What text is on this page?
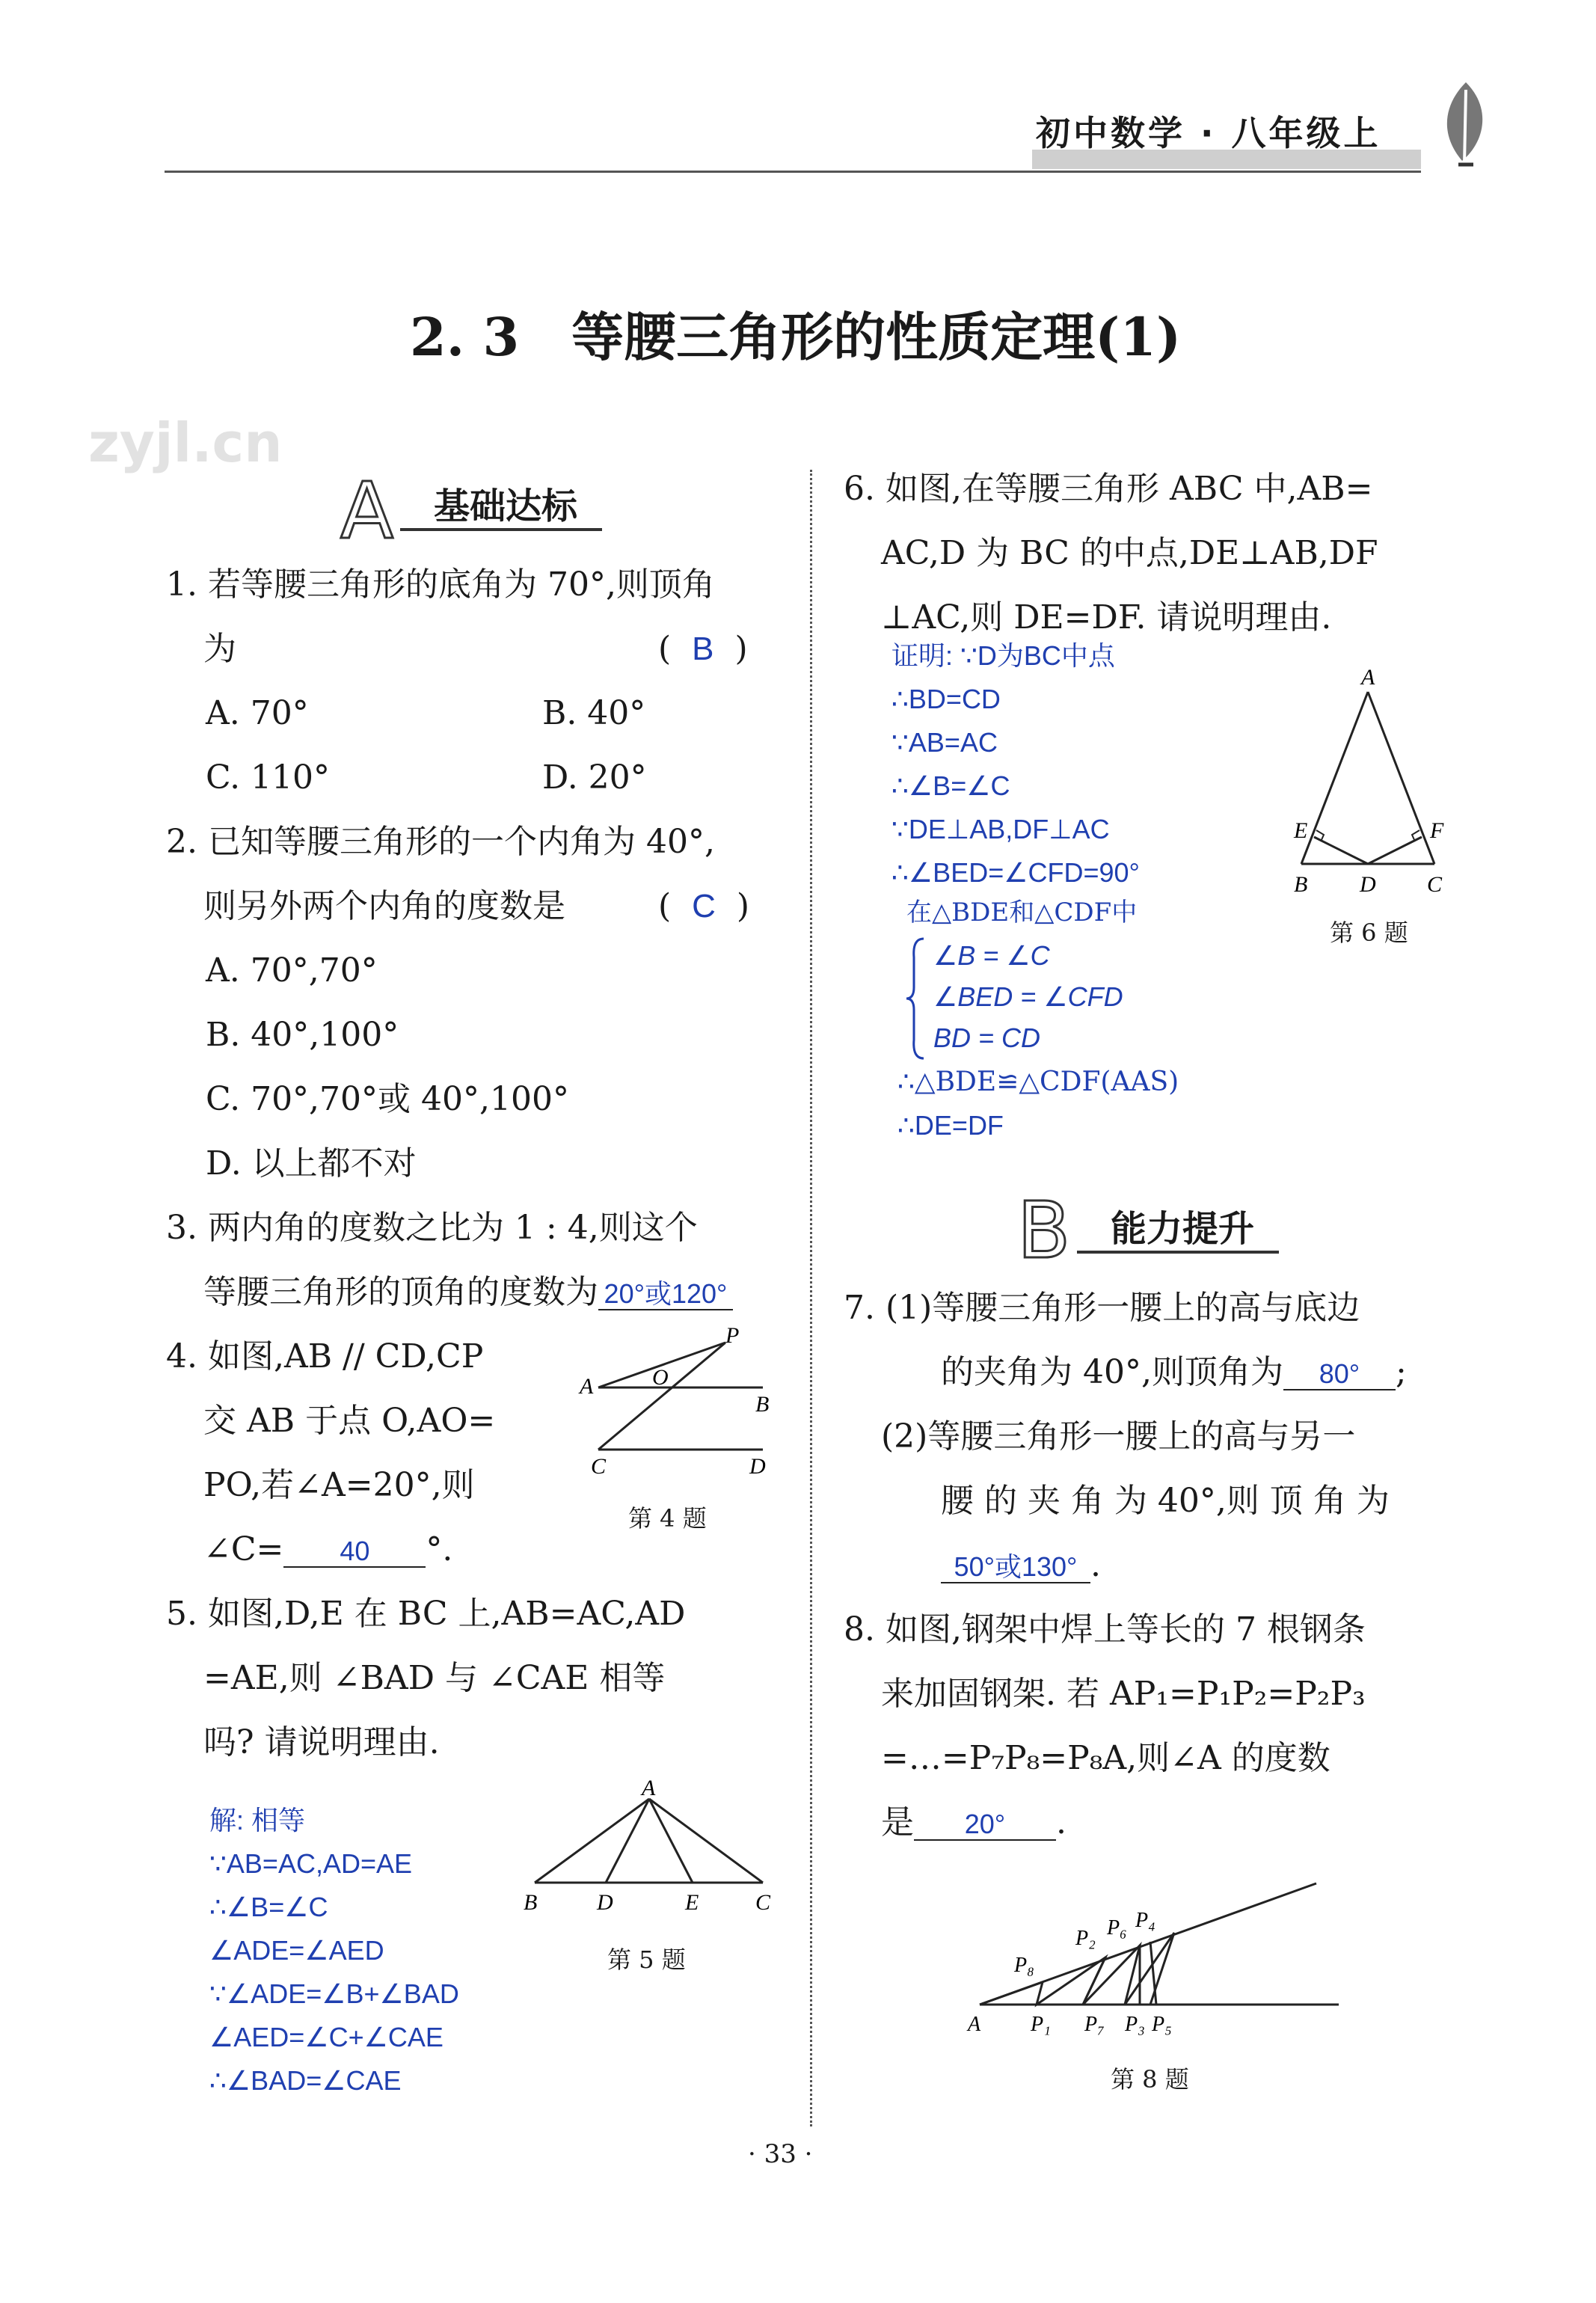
初中数学 · 八年级上
zyjl.cn
2. 3　等腰三角形的性质定理(1)
A 基础达标
1. 若等腰三角形的底角为 70°,则顶角
为	(  B  )
A. 70°	B. 40°
C. 110°	D. 20°
2. 已知等腰三角形的一个内角为 40°,
则另外两个内角的度数是	(  C  )
A. 70°,70°
B. 40°,100°
C. 70°,70°或 40°,100°
D. 以上都不对
3. 两内角的度数之比为 1 : 4,则这个
等腰三角形的顶角的度数为 20°或120°
4. 如图,AB // CD,CP
交 AB 于点 O,AO=
PO,若∠A=20°,则
∠C= 40 °.
A
B
C	D
O
P
第 4 题
5. 如图,D,E 在 BC 上,AB=AC,AD
=AE,则 ∠BAD 与 ∠CAE 相等
吗? 请说明理由.
解: 相等
∵AB=AC,AD=AE
∴∠B=∠C
∠ADE=∠AED
∵∠ADE=∠B+∠BAD
∠AED=∠C+∠CAE
∴∠BAD=∠CAE
A
B	D	E	C
第 5 题
6. 如图,在等腰三角形 ABC 中,AB=
AC,D 为 BC 的中点,DE⊥AB,DF
⊥AC,则 DE=DF. 请说明理由.
证明: ∵D为BC中点
∴BD=CD
∵AB=AC
∴∠B=∠C
∵DE⊥AB,DF⊥AC
∴∠BED=∠CFD=90°
在△BDE和△CDF中
∠B = ∠C
∠BED = ∠CFD
BD = CD
∴△BDE≌△CDF(AAS)
∴DE=DF
A
E	F
B D C
第 6 题
B 能力提升
7. (1)等腰三角形一腰上的高与底边
的夹角为 40°,则顶角为 80° ;
(2)等腰三角形一腰上的高与另一
腰 的 夹 角 为 40°,则 顶 角 为
50°或130° .
8. 如图,钢架中焊上等长的 7 根钢条
来加固钢架. 若 AP₁=P₁P₂=P₂P₃
=…=P₇P₈=P₈A,则∠A 的度数
是 20° .
A P₁ P₇ P₃ P₅
P₈
P₂ P₆ P₄
第 8 题
· 33 ·
